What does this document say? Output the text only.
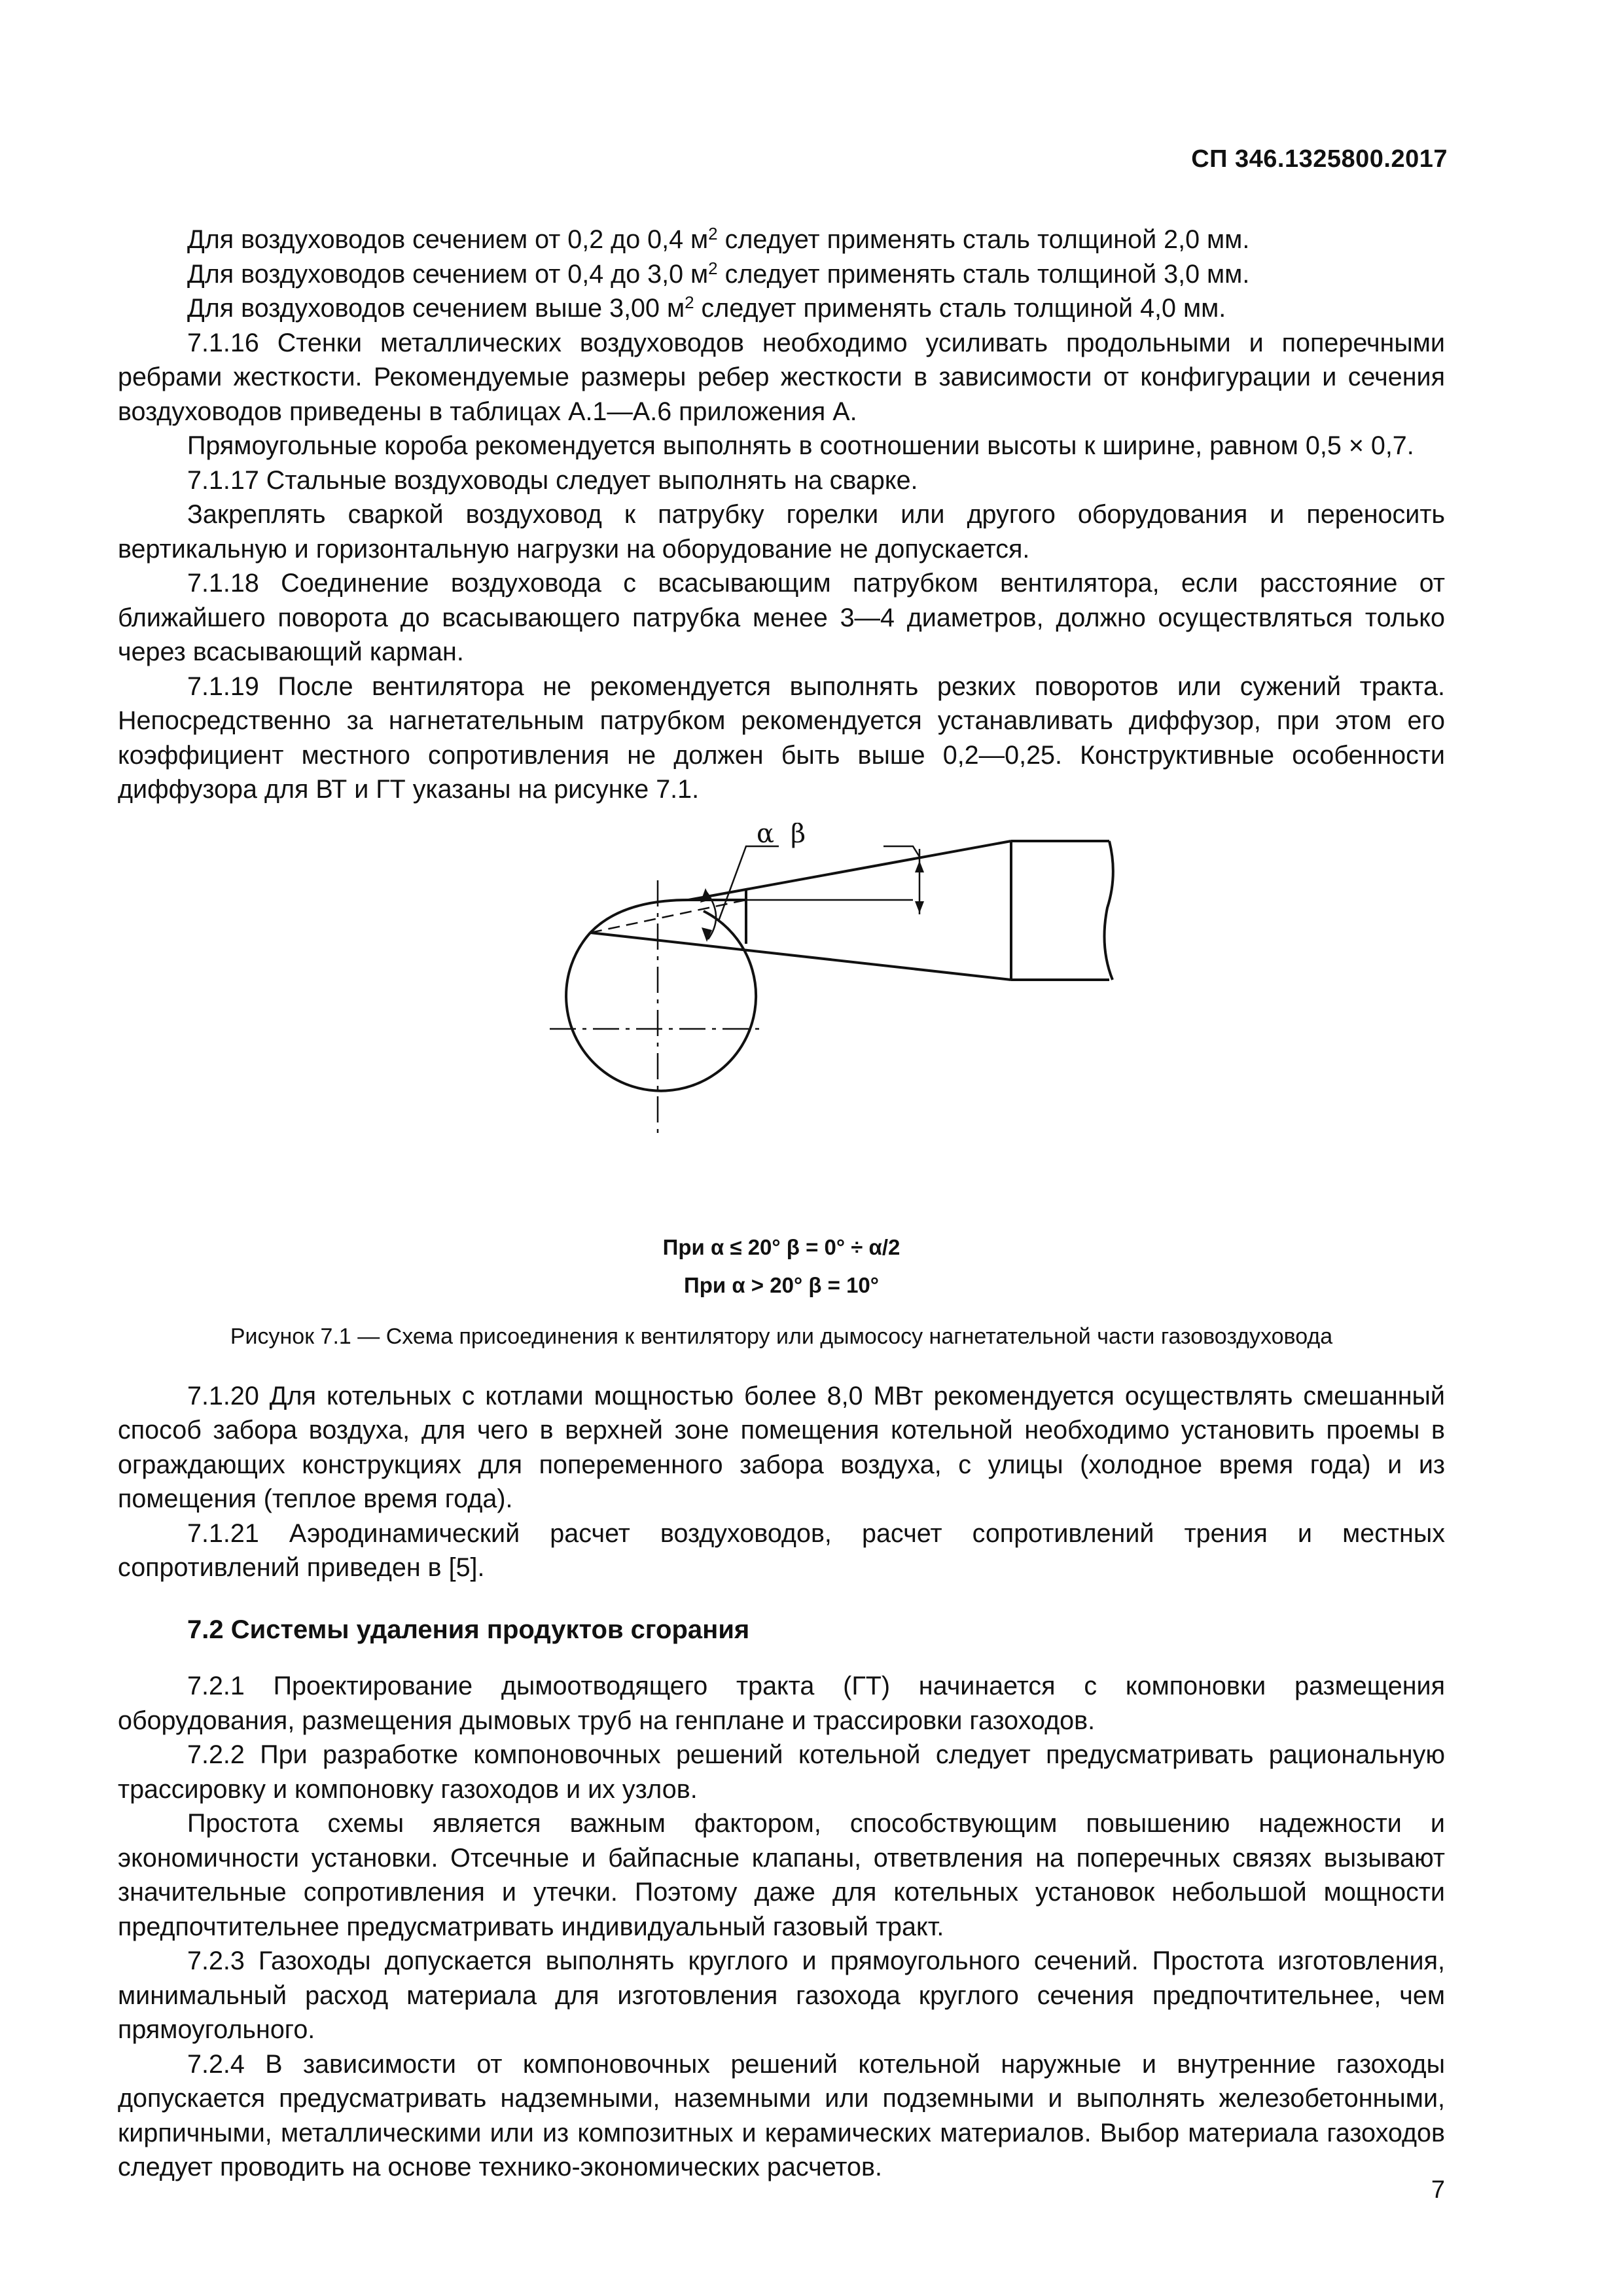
СП 346.1325800.2017

Для воздуховодов сечением от 0,2 до 0,4 $м^2$ следует применять сталь толщиной 2,0 мм.

Для воздуховодов сечением от 0,4 до 3,0 $м^2$ следует применять сталь толщиной 3,0 мм.

Для воздуховодов сечением выше 3,00 $м^2$ следует применять сталь толщиной 4,0 мм.

7.1.16 Стенки металлических воздуховодов необходимо усиливать продольными и поперечными ребрами жесткости. Рекомендуемые размеры ребер жесткости в зависимости от конфигурации и сечения воздуховодов приведены в таблицах А.1—А.6 приложения А.

Прямоугольные короба рекомендуется выполнять в соотношении высоты к ширине, равном 0,5 × 0,7.

7.1.17 Стальные воздуховоды следует выполнять на сварке.

Закреплять сваркой воздуховод к патрубку горелки или другого оборудования и переносить вертикальную и горизонтальную нагрузки на оборудование не допускается.

7.1.18 Соединение воздуховода с всасывающим патрубком вентилятора, если расстояние от ближайшего поворота до всасывающего патрубка менее 3—4 диаметров, должно осуществляться только через всасывающий карман.

7.1.19 После вентилятора не рекомендуется выполнять резких поворотов или сужений тракта. Непосредственно за нагнетательным патрубком рекомендуется устанавливать диффузор, при этом его коэффициент местного сопротивления не должен быть выше 0,2—0,25. Конструктивные особенности диффузора для ВТ и ГТ указаны на рисунке 7.1.

α β
При α ≤ 20° β = 0° ÷ α/2
При α > 20° β = 10°
Рисунок 7.1 — Схема присоединения к вентилятору или дымососу нагнетательной части газовоздуховода

7.1.20 Для котельных с котлами мощностью более 8,0 МВт рекомендуется осуществлять смешанный способ забора воздуха, для чего в верхней зоне помещения котельной необходимо установить проемы в ограждающих конструкциях для попеременного забора воздуха, с улицы (холодное время года) и из помещения (теплое время года).

7.1.21 Аэродинамический расчет воздуховодов, расчет сопротивлений трения и местных сопротивлений приведен в [5].

7.2 Системы удаления продуктов сгорания

7.2.1 Проектирование дымоотводящего тракта (ГТ) начинается с компоновки размещения оборудования, размещения дымовых труб на генплане и трассировки газоходов.

7.2.2 При разработке компоновочных решений котельной следует предусматривать рациональную трассировку и компоновку газоходов и их узлов.

Простота схемы является важным фактором, способствующим повышению надежности и экономичности установки. Отсечные и байпасные клапаны, ответвления на поперечных связях вызывают значительные сопротивления и утечки. Поэтому даже для котельных установок небольшой мощности предпочтительнее предусматривать индивидуальный газовый тракт.

7.2.3 Газоходы допускается выполнять круглого и прямоугольного сечений. Простота изготовления, минимальный расход материала для изготовления газохода круглого сечения предпочтительнее, чем прямоугольного.

7.2.4 В зависимости от компоновочных решений котельной наружные и внутренние газоходы допускается предусматривать надземными, наземными или подземными и выполнять железобетонными, кирпичными, металлическими или из композитных и керамических материалов. Выбор материала газоходов следует проводить на основе технико-экономических расчетов.

7
